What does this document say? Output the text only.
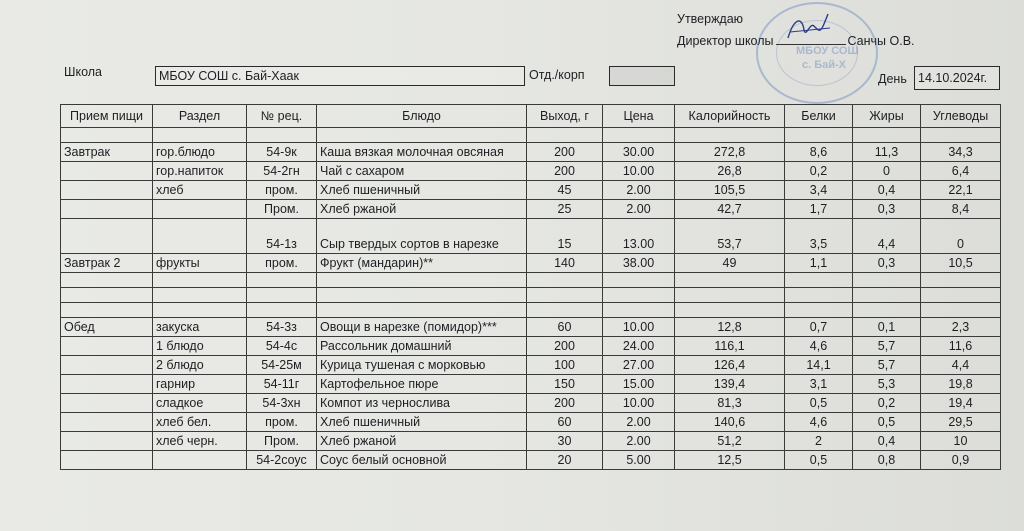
Утверждаю
Директор школы	Санчы О.В.
МБОУ СОШ
с. Бай-Х
Школа	МБОУ СОШ с. Бай-Хаак	Отд./корп	День 14.10.2024г.
Прием пищи	Раздел	№ рец.	Блюдо	Выход, г	Цена	Калорийность	Белки	Жиры	Углеводы

Завтрак	гор.блюдо	54-9к	Каша вязкая молочная овсяная	200	30.00	272,8	8,6	11,3	34,3
	гор.напиток	54-2гн	Чай с сахаром	200	10.00	26,8	0,2	0	6,4
	хлеб	пром.	Хлеб пшеничный	45	2.00	105,5	3,4	0,4	22,1
		Пром.	Хлеб ржаной	25	2.00	42,7	1,7	0,3	8,4
		54-1з	Сыр твердых сортов в нарезке	15	13.00	53,7	3,5	4,4	0
Завтрак 2	фрукты	пром.	Фрукт (мандарин)**	140	38.00	49	1,1	0,3	10,5

Обед	закуска	54-3з	Овощи в нарезке (помидор)***	60	10.00	12,8	0,7	0,1	2,3
	1 блюдо	54-4с	Рассольник домашний	200	24.00	116,1	4,6	5,7	11,6
	2 блюдо	54-25м	Курица тушеная с морковью	100	27.00	126,4	14,1	5,7	4,4
	гарнир	54-11г	Картофельное пюре	150	15.00	139,4	3,1	5,3	19,8
	сладкое	54-3хн	Компот из чернослива	200	10.00	81,3	0,5	0,2	19,4
	хлеб бел.	пром.	Хлеб пшеничный	60	2.00	140,6	4,6	0,5	29,5
	хлеб черн.	Пром.	Хлеб ржаной	30	2.00	51,2	2	0,4	10
		54-2соус	Соус белый основной	20	5.00	12,5	0,5	0,8	0,9
